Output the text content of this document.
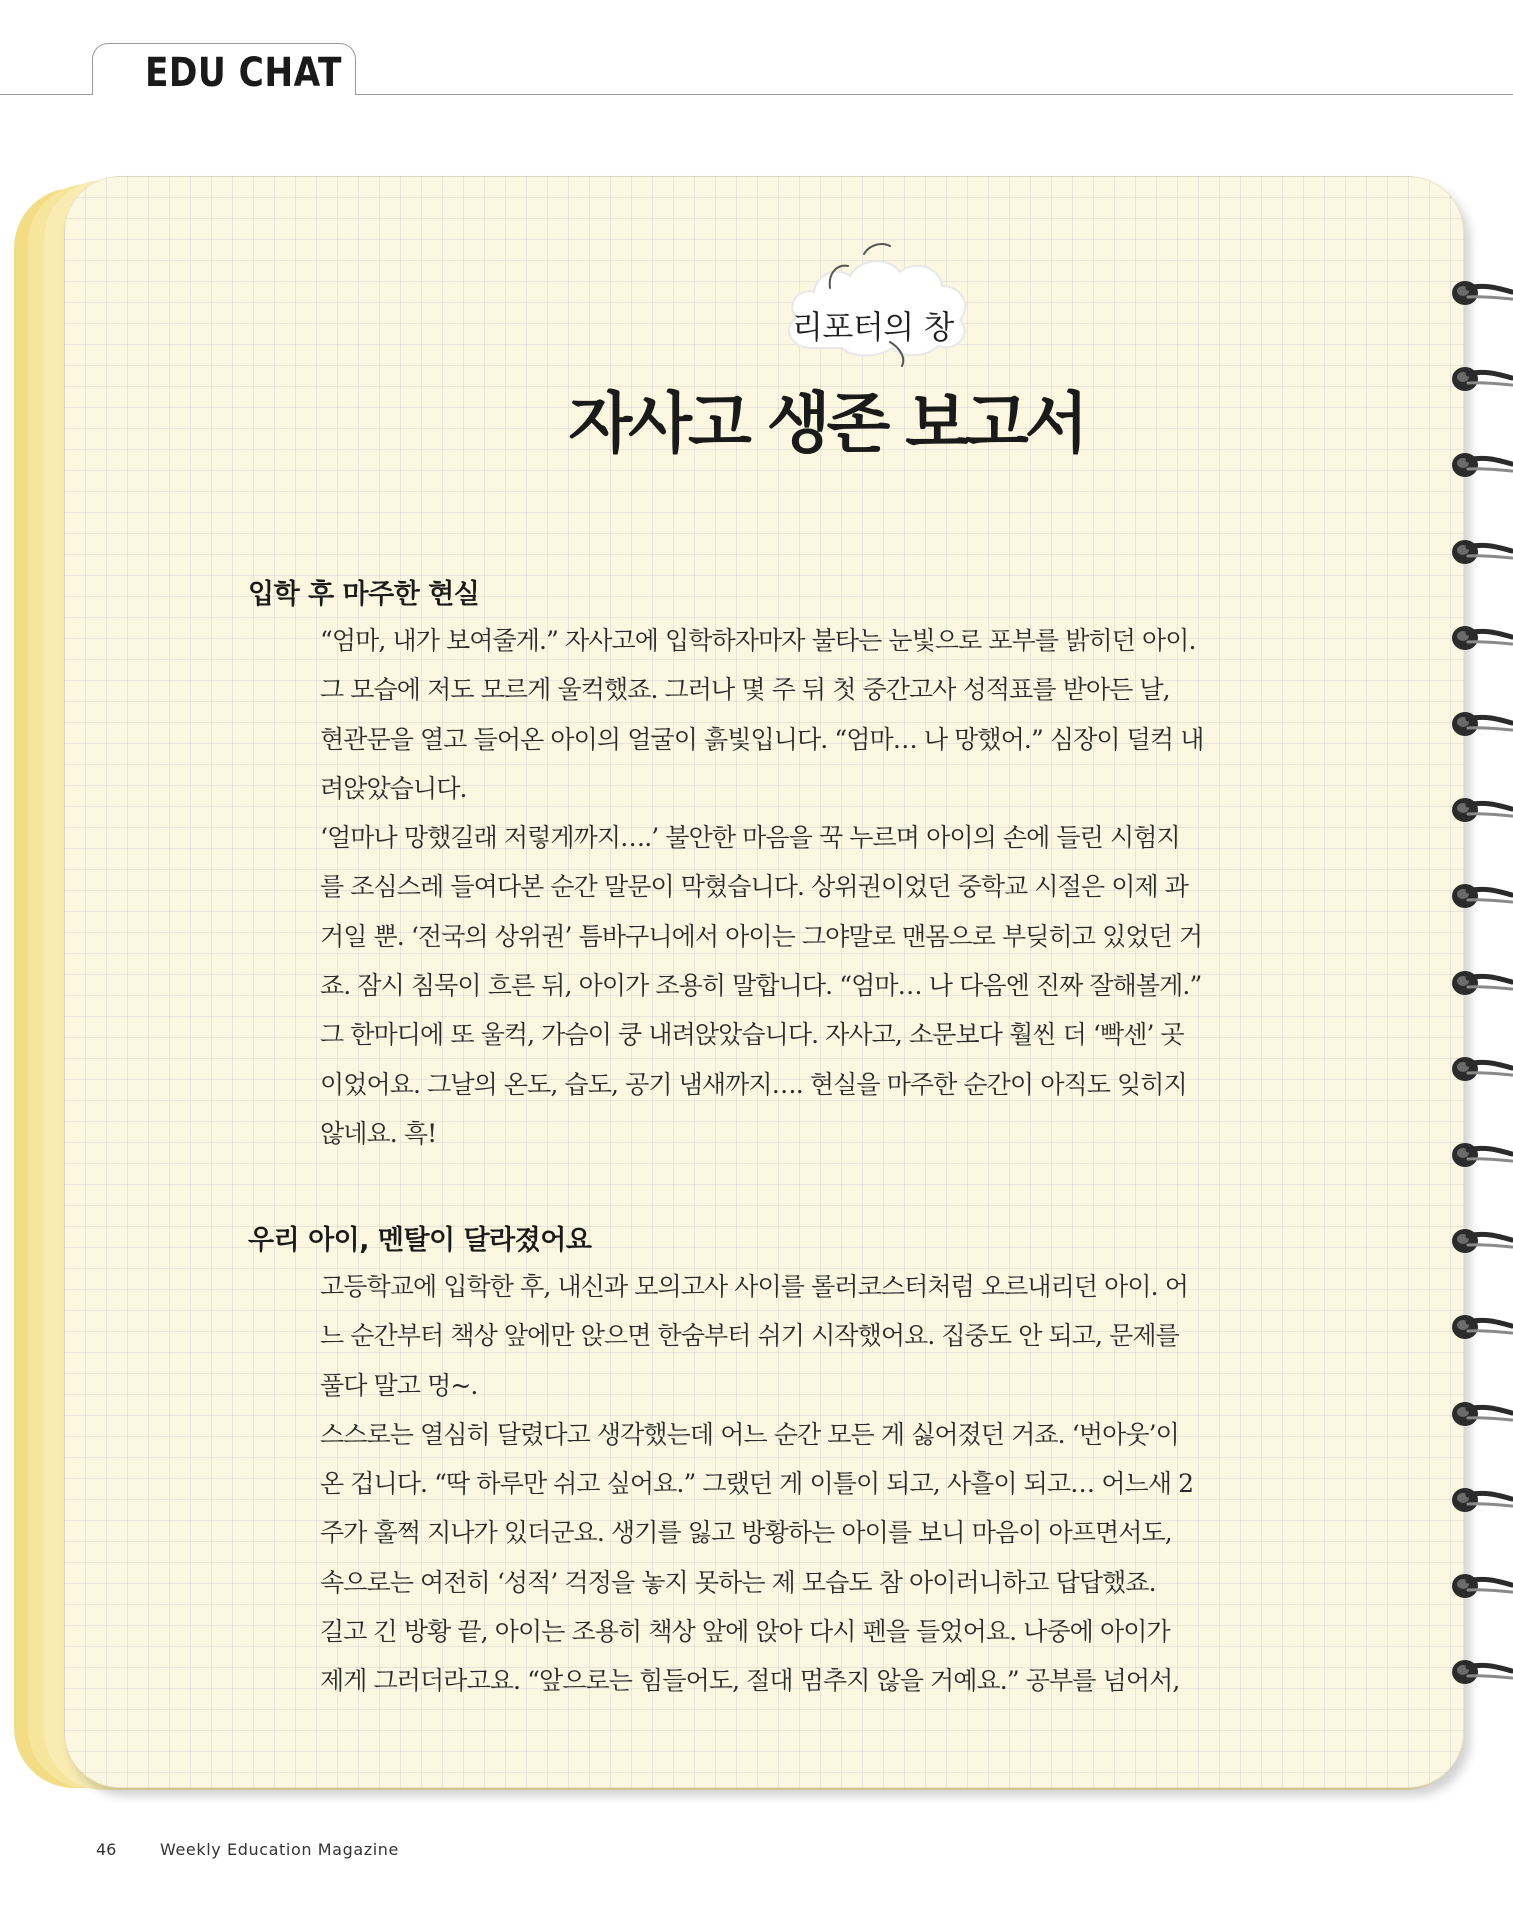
EDU CHAT
리포터의 창
자사고 생존 보고서
입학 후 마주한 현실
“엄마, 내가 보여줄게.” 자사고에 입학하자마자 불타는 눈빛으로 포부를 밝히던 아이.
그 모습에 저도 모르게 울컥했죠. 그러나 몇 주 뒤 첫 중간고사 성적표를 받아든 날,
현관문을 열고 들어온 아이의 얼굴이 흙빛입니다. “엄마… 나 망했어.” 심장이 덜컥 내
려앉았습니다.
‘얼마나 망했길래 저렇게까지….’ 불안한 마음을 꾹 누르며 아이의 손에 들린 시험지
를 조심스레 들여다본 순간 말문이 막혔습니다. 상위권이었던 중학교 시절은 이제 과
거일 뿐. ‘전국의 상위권’ 틈바구니에서 아이는 그야말로 맨몸으로 부딪히고 있었던 거
죠. 잠시 침묵이 흐른 뒤, 아이가 조용히 말합니다. “엄마… 나 다음엔 진짜 잘해볼게.”
그 한마디에 또 울컥, 가슴이 쿵 내려앉았습니다. 자사고, 소문보다 훨씬 더 ‘빡센’ 곳
이었어요. 그날의 온도, 습도, 공기 냄새까지…. 현실을 마주한 순간이 아직도 잊히지
않네요. 흑!
우리 아이, 멘탈이 달라졌어요
고등학교에 입학한 후, 내신과 모의고사 사이를 롤러코스터처럼 오르내리던 아이. 어
느 순간부터 책상 앞에만 앉으면 한숨부터 쉬기 시작했어요. 집중도 안 되고, 문제를
풀다 말고 멍~.
스스로는 열심히 달렸다고 생각했는데 어느 순간 모든 게 싫어졌던 거죠. ‘번아웃’이
온 겁니다. “딱 하루만 쉬고 싶어요.” 그랬던 게 이틀이 되고, 사흘이 되고… 어느새 2
주가 훌쩍 지나가 있더군요. 생기를 잃고 방황하는 아이를 보니 마음이 아프면서도,
속으로는 여전히 ‘성적’ 걱정을 놓지 못하는 제 모습도 참 아이러니하고 답답했죠.
길고 긴 방황 끝, 아이는 조용히 책상 앞에 앉아 다시 펜을 들었어요. 나중에 아이가
제게 그러더라고요. “앞으로는 힘들어도, 절대 멈추지 않을 거예요.” 공부를 넘어서,
46	Weekly Education Magazine
